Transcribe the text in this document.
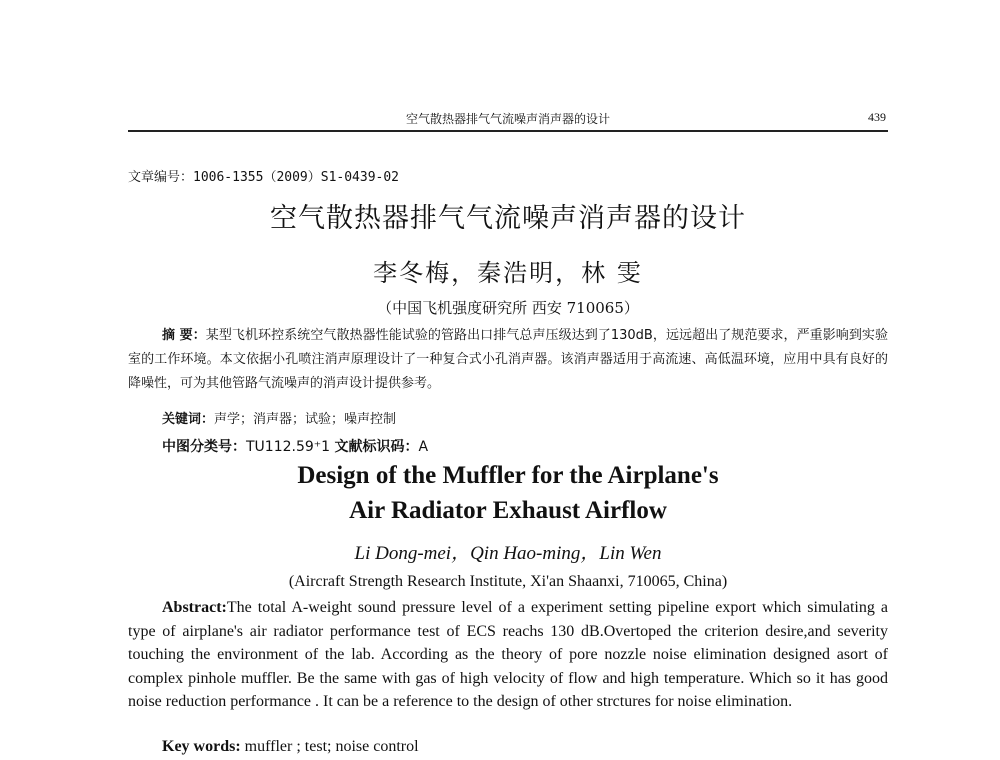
空气散热器排气气流噪声消声器的设计	439
文章编号：1006-1355（2009）S1-0439-02
空气散热器排气气流噪声消声器的设计
李冬梅，秦浩明，林 雯
（中国飞机强度研究所 西安 710065）
摘 要：某型飞机环控系统空气散热器性能试验的管路出口排气总声压级达到了130dB，远远超出了规范要求，严重影响到实验室的工作环境。本文依据小孔喷注消声原理设计了一种复合式小孔消声器。该消声器适用于高流速、高低温环境，应用中具有良好的降噪性，可为其他管路气流噪声的消声设计提供参考。
关键词：声学；消声器；试验；噪声控制
中图分类号：TU112.59⁺1 文献标识码：A
Design of the Muffler for the Airplane's
Air Radiator Exhaust Airflow
Li Dong-mei，Qin Hao-ming，Lin Wen
(Aircraft Strength Research Institute, Xi'an Shaanxi, 710065, China)
Abstract:The total A-weight sound pressure level of a experiment setting pipeline export which simulating a type of airplane's air radiator performance test of ECS reachs 130 dB.Overtoped the criterion desire,and severity touching the environment of the lab. According as the theory of pore nozzle noise elimination designed asort of complex pinhole muffler. Be the same with gas of high velocity of flow and high temperature. Which so it has good noise reduction performance . It can be a reference to the design of other strctures for noise elimination.
Key words: muffler ; test; noise control
